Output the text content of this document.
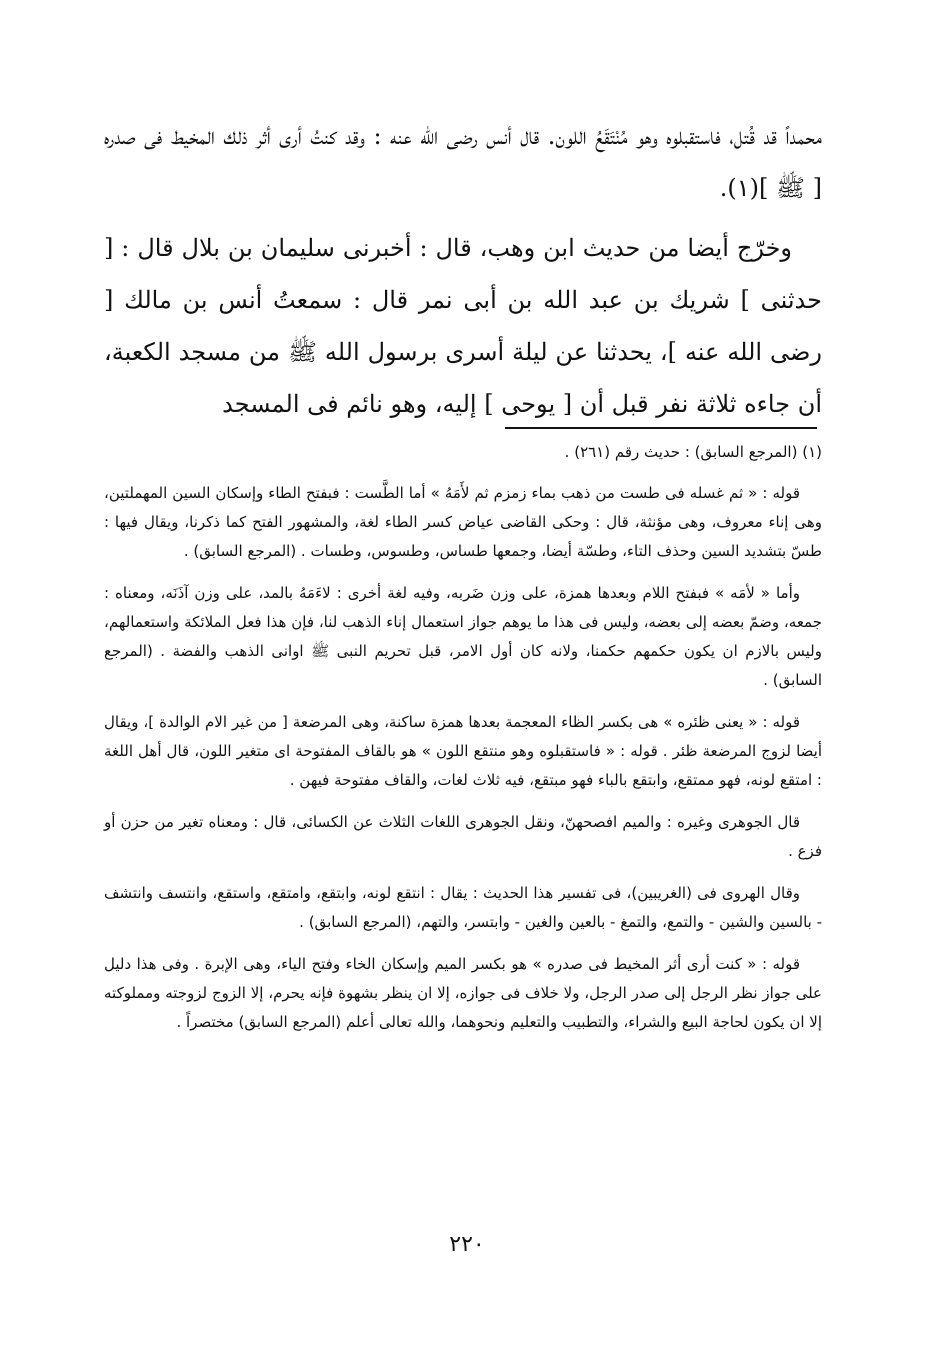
محمداً قد قُتل، فاستقبلوه وهو مُنْتَقَعُ اللون. قال أنس رضى الله عنه : وقد كنتُ أرى أثر ذلك المخيط فى صدره [ ﷺ ](١).

وخرّج أيضا من حديث ابن وهب، قال : أخبرنى سليمان بن بلال قال : [ حدثنى ] شريك بن عبد الله بن أبى نمر قال : سمعتُ أنس بن مالك [ رضى الله عنه ]، يحدثنا عن ليلة أسرى برسول الله ﷺ من مسجد الكعبة، أن جاءه ثلاثة نفر قبل أن [ يوحى ] إليه، وهو نائم فى المسجد

(١) (المرجع السابق) : حديث رقم (٢٦١) .

قوله : « ثم غسله فى طست من ذهب بماء زمزم ثم لأَمَهُ » أما الطَّست : فبفتح الطاء وإسكان السين المهملتين، وهى إناء معروف، وهى مؤنثة، قال : وحكى القاضى عياض كسر الطاء لغة، والمشهور الفتح كما ذكرنا، ويقال فيها : طسّ بتشديد السين وحذف التاء، وطسّة أيضا، وجمعها طساس، وطسوس، وطسات . (المرجع السابق) .

وأما « لأمَه » فبفتح اللام وبعدها همزة، على وزن ضَربه، وفيه لغة أخرى : لاءَمَهُ بالمد، على وزن آذَنَه، ومعناه : جمعه، وضمّ بعضه إلى بعضه، وليس فى هذا ما يوهم جواز استعمال إناء الذهب لنا، فإن هذا فعل الملائكة واستعمالهم، وليس بالازم ان يكون حكمهم حكمنا، ولانه كان أول الامر، قبل تحريم النبى ﷺ اوانى الذهب والفضة . (المرجع السابق) .

قوله : « يعنى ظئره » هى بكسر الظاء المعجمة بعدها همزة ساكنة، وهى المرضعة [ من غير الام الوالدة ]، ويقال أيضا لزوج المرضعة ظئر . قوله : « فاستقبلوه وهو منتقع اللون » هو بالقاف المفتوحة اى متغير اللون، قال أهل اللغة : امتقع لونه، فهو ممتقع، وابتقع بالباء فهو مبتقع، فيه ثلاث لغات، والقاف مفتوحة فيهن .

قال الجوهرى وغيره : والميم افصحهنّ، ونقل الجوهرى اللغات الثلاث عن الكسائى، قال : ومعناه تغير من حزن أو فزع .

وقال الهروى فى (الغريبين)، فى تفسير هذا الحديث : يقال : انتقع لونه، وابتقع، وامتقع، واستقع، وانتسف وانتشف - بالسين والشين - والتمع، والتمغ - بالعين والغين - وابتسر، والتهم، (المرجع السابق) .

قوله : « كنت أرى أثر المخيط فى صدره » هو بكسر الميم وإسكان الخاء وفتح الياء، وهى الإبرة . وفى هذا دليل على جواز نظر الرجل إلى صدر الرجل، ولا خلاف فى جوازه، إلا ان ينظر بشهوة فإنه يحرم، إلا الزوج لزوجته ومملوكته إلا ان يكون لحاجة البيع والشراء، والتطبيب والتعليم ونحوهما، والله تعالى أعلم (المرجع السابق) مختصراً .

٢٢٠
